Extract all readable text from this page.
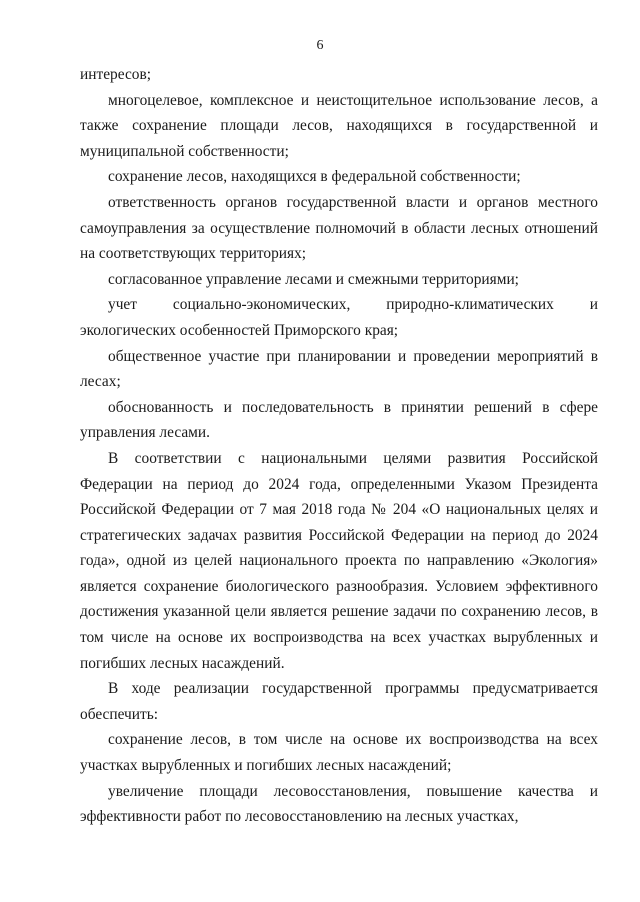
6

интересов;

многоцелевое, комплексное и неистощительное использование лесов, а также сохранение площади лесов, находящихся в государственной и муниципальной собственности;

сохранение лесов, находящихся в федеральной собственности;

ответственность органов государственной власти и органов местного самоуправления за осуществление полномочий в области лесных отношений на соответствующих территориях;

согласованное управление лесами и смежными территориями;

учет социально-экономических, природно-климатических и экологических особенностей Приморского края;

общественное участие при планировании и проведении мероприятий в лесах;

обоснованность и последовательность в принятии решений в сфере управления лесами.

В соответствии с национальными целями развития Российской Федерации на период до 2024 года, определенными Указом Президента Российской Федерации от 7 мая 2018 года № 204 «О национальных целях и стратегических задачах развития Российской Федерации на период до 2024 года», одной из целей национального проекта по направлению «Экология» является сохранение биологического разнообразия. Условием эффективного достижения указанной цели является решение задачи по сохранению лесов, в том числе на основе их воспроизводства на всех участках вырубленных и погибших лесных насаждений.

В ходе реализации государственной программы предусматривается обеспечить:

сохранение лесов, в том числе на основе их воспроизводства на всех участках вырубленных и погибших лесных насаждений;

увеличение площади лесовосстановления, повышение качества и эффективности работ по лесовосстановлению на лесных участках,
